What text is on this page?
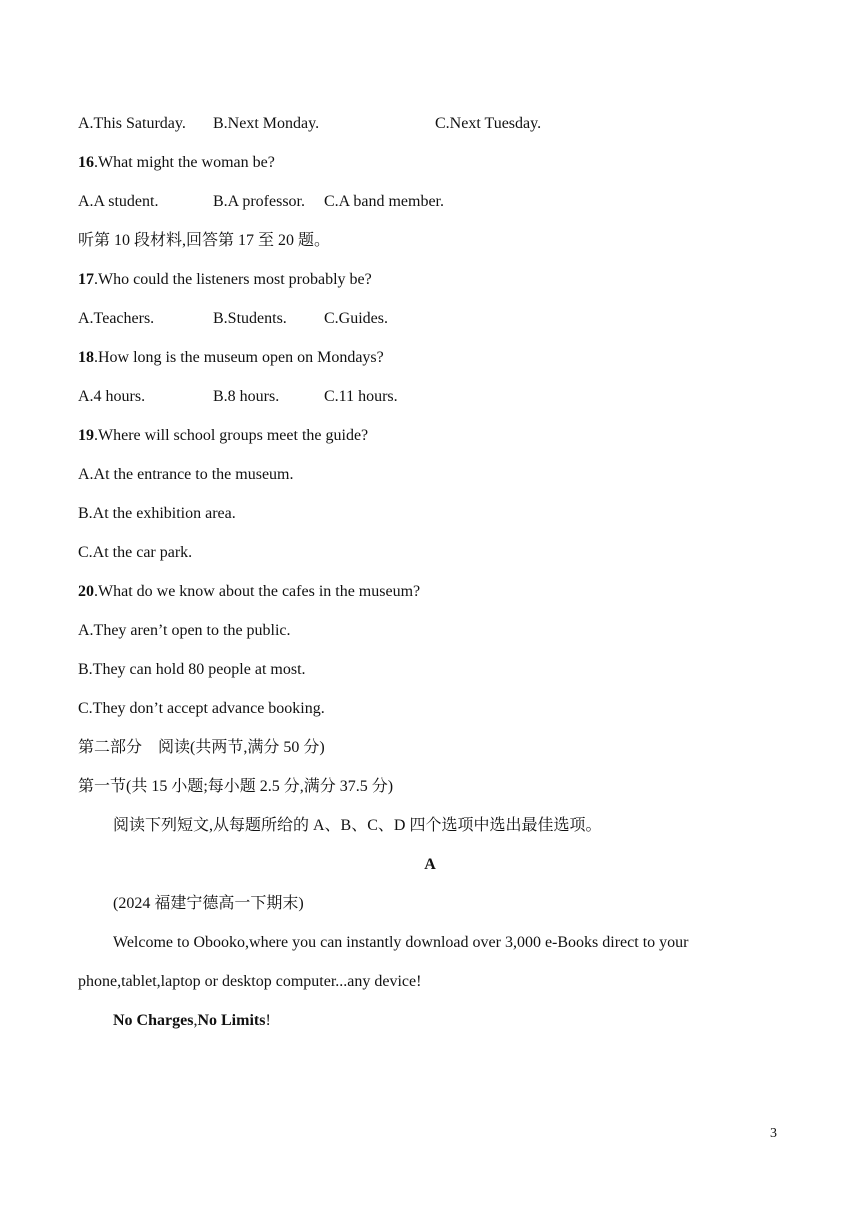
A.This Saturday. B.Next Monday.	C.Next Tuesday.
16.What might the woman be?
A.A student.	B.A professor. C.A band member.
听第 10 段材料,回答第 17 至 20 题。
17.Who could the listeners most probably be?
A.Teachers.	B.Students. C.Guides.
18.How long is the museum open on Mondays?
A.4 hours.	B.8 hours.	C.11 hours.
19.Where will school groups meet the guide?
A.At the entrance to the museum.
B.At the exhibition area.
C.At the car park.
20.What do we know about the cafes in the museum?
A.They aren’t open to the public.
B.They can hold 80 people at most.
C.They don’t accept advance booking.
第二部分　阅读(共两节,满分 50 分)
第一节(共 15 小题;每小题 2.5 分,满分 37.5 分)
阅读下列短文,从每题所给的 A、B、C、D 四个选项中选出最佳选项。
A
(2024 福建宁德高一下期末)
Welcome to Obooko,where you can instantly download over 3,000 e-Books direct to your
phone,tablet,laptop or desktop computer...any device!
No Charges,No Limits!
3
